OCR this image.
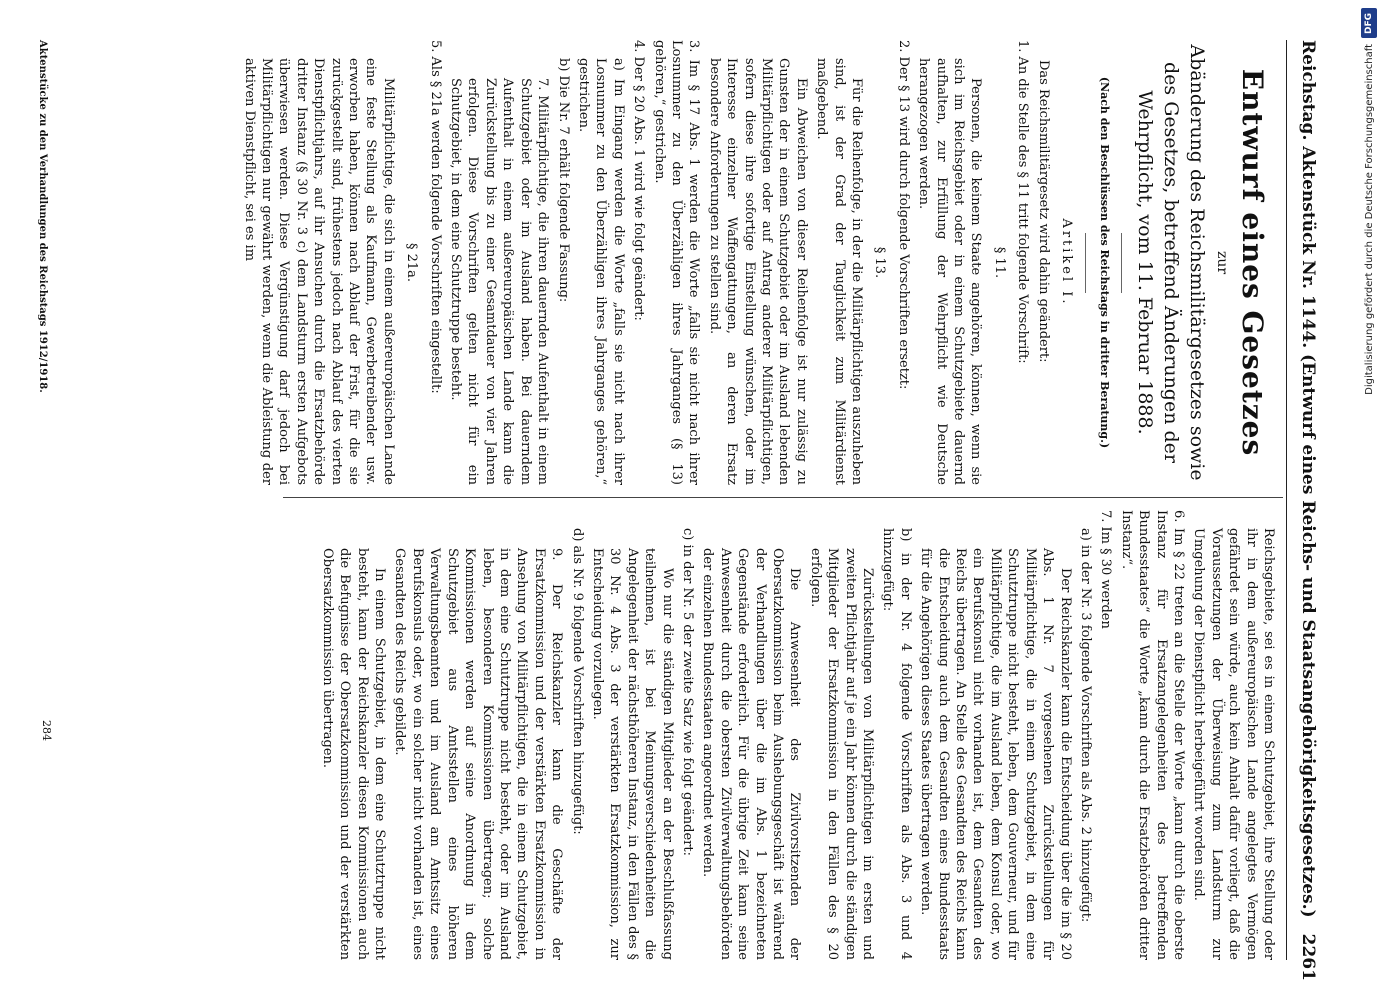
DFG
Digitalisierung gefördert durch die Deutsche Forschungsgemeinschaft
Reichstag. Aktenstück Nr. 1144. (Entwurf eines Reichs- und Staatsangehörigkeitsgesetzes.)
2261
Entwurf eines Gesetzes
zur
Abänderung des Reichsmilitärgesetzes sowie des Gesetzes, betreffend Änderungen der Wehrpflicht, vom 11. Februar 1888.
(Nach den Beschlüssen des Reichstags in dritter Beratung.)
Artikel I.

Das Reichsmilitärgesetz wird dahin geändert:

1. An die Stelle des § 11 tritt folgende Vorschrift:

§ 11.

Personen, die keinem Staate angehören, können, wenn sie sich im Reichsgebiet oder in einem Schutzgebiete dauernd aufhalten, zur Erfüllung der Wehrpflicht wie Deutsche herangezogen werden.

2. Der § 13 wird durch folgende Vorschriften ersetzt:

§ 13.

Für die Reihenfolge, in der die Militärpflichtigen auszuheben sind, ist der Grad der Tauglichkeit zum Militärdienst maßgebend.

Ein Abweichen von dieser Reihenfolge ist nur zulässig zu Gunsten der in einem Schutzgebiet oder im Ausland lebenden Militärpflichtigen oder auf Antrag anderer Militärpflichtigen, sofern diese ihre sofortige Einstellung wünschen, oder im Interesse einzelner Waffengattungen, an deren Ersatz besondere Anforderungen zu stellen sind.

3. Im § 17 Abs. 1 werden die Worte „falls sie nicht nach ihrer Losnummer zu den Überzähligen ihres Jahrganges (§ 13) gehören,“ gestrichen.

4. Der § 20 Abs. 1 wird wie folgt geändert:

a) Im Eingang werden die Worte „falls sie nicht nach ihrer Losnummer zu den Überzähligen ihres Jahrganges gehören,“ gestrichen.

b) Die Nr. 7 erhält folgende Fassung:

7. Militärpflichtige, die ihren dauernden Aufenthalt in einem Schutzgebiet oder im Ausland haben. Bei dauerndem Aufenthalt in einem außereuropäischen Lande kann die Zurückstellung bis zu einer Gesamtdauer von vier Jahren erfolgen. Diese Vorschriften gelten nicht für ein Schutzgebiet, in dem eine Schutztruppe besteht.

5. Als § 21a werden folgende Vorschriften eingestellt:

§ 21a.

Militärpflichtige, die sich in einem außereuropäischen Lande eine feste Stellung als Kaufmann, Gewerbetreibender usw. erworben haben, können nach Ablauf der Frist, für die sie zurückgestellt sind, frühestens jedoch nach Ablauf des vierten Dienstpflichtjahrs, auf ihr Ansuchen durch die Ersatzbehörde dritter Instanz (§ 30 Nr. 3 c) dem Landsturm ersten Aufgebots überwiesen werden. Diese Vergünstigung darf jedoch bei Militärpflichtigen nur gewährt werden, wenn die Ableistung der aktiven Dienstpflicht, sei es im

Reichsgebiete, sei es in einem Schutzgebiet, ihre Stellung oder ihr in dem außereuropäischen Lande angelegtes Vermögen gefährdet sein würde, auch kein Anhalt dafür vorliegt, daß die Voraussetzungen der Überweisung zum Landsturm zur Umgehung der Dienstpflicht herbeigeführt worden sind.

6. Im § 22 treten an die Stelle der Worte „kann durch die oberste Instanz für Ersatzangelegenheiten des betreffenden Bundesstaates“ die Worte „kann durch die Ersatzbehörden dritter Instanz“.

7. Im § 30 werden

a) in der Nr. 3 folgende Vorschriften als Abs. 2 hinzugefügt:

Der Reichskanzler kann die Entscheidung über die im § 20 Abs. 1 Nr. 7 vorgesehenen Zurückstellungen für Militärpflichtige, die in einem Schutzgebiet, in dem eine Schutztruppe nicht besteht, leben, dem Gouverneur, und für Militärpflichtige, die im Ausland leben, dem Konsul oder, wo ein Berufskonsul nicht vorhanden ist, dem Gesandten des Reichs übertragen. An Stelle des Gesandten des Reichs kann die Entscheidung auch dem Gesandten eines Bundesstaats für die Angehörigen dieses Staates übertragen werden.

b) in der Nr. 4 folgende Vorschriften als Abs. 3 und 4 hinzugefügt:

Zurückstellungen von Militärpflichtigen im ersten und zweiten Pflichtjahr auf je ein Jahr können durch die ständigen Mitglieder der Ersatzkommission in den Fällen des § 20 erfolgen.

Die Anwesenheit des Zivilvorsitzenden der Obersatzkommission beim Aushebungsgeschäft ist während der Verhandlungen über die im Abs. 1 bezeichneten Gegenstände erforderlich. Für die übrige Zeit kann seine Anwesenheit durch die obersten Zivilverwaltungsbehörden der einzelnen Bundesstaaten angeordnet werden.

c) in der Nr. 5 der zweite Satz wie folgt geändert:

Wo nur die ständigen Mitglieder an der Beschlußfassung teilnehmen, ist bei Meinungsverschiedenheiten die Angelegenheit der nächsthöheren Instanz, in den Fällen des § 30 Nr. 4 Abs. 3 der verstärkten Ersatzkommission, zur Entscheidung vorzulegen.

d) als Nr. 9 folgende Vorschriften hinzugefügt:

9. Der Reichskanzler kann die Geschäfte der Ersatzkommission und der verstärkten Ersatzkommission in Ansehung von Militärpflichtigen, die in einem Schutzgebiet, in dem eine Schutztruppe nicht besteht, oder im Ausland leben, besonderen Kommissionen übertragen; solche Kommissionen werden auf seine Anordnung in dem Schutzgebiet aus Amtsstellen eines höheren Verwaltungsbeamten und im Ausland am Amtssitz eines Berufskonsuls oder, wo ein solcher nicht vorhanden ist, eines Gesandten des Reichs gebildet.

In einem Schutzgebiet, in dem eine Schutztruppe nicht besteht, kann der Reichskanzler diesen Kommissionen auch die Befugnisse der Obersatzkommission und der verstärkten Obersatzkommission übertragen.

Aktenstücke zu den Verhandlungen des Reichstags 1912/1918.
284
